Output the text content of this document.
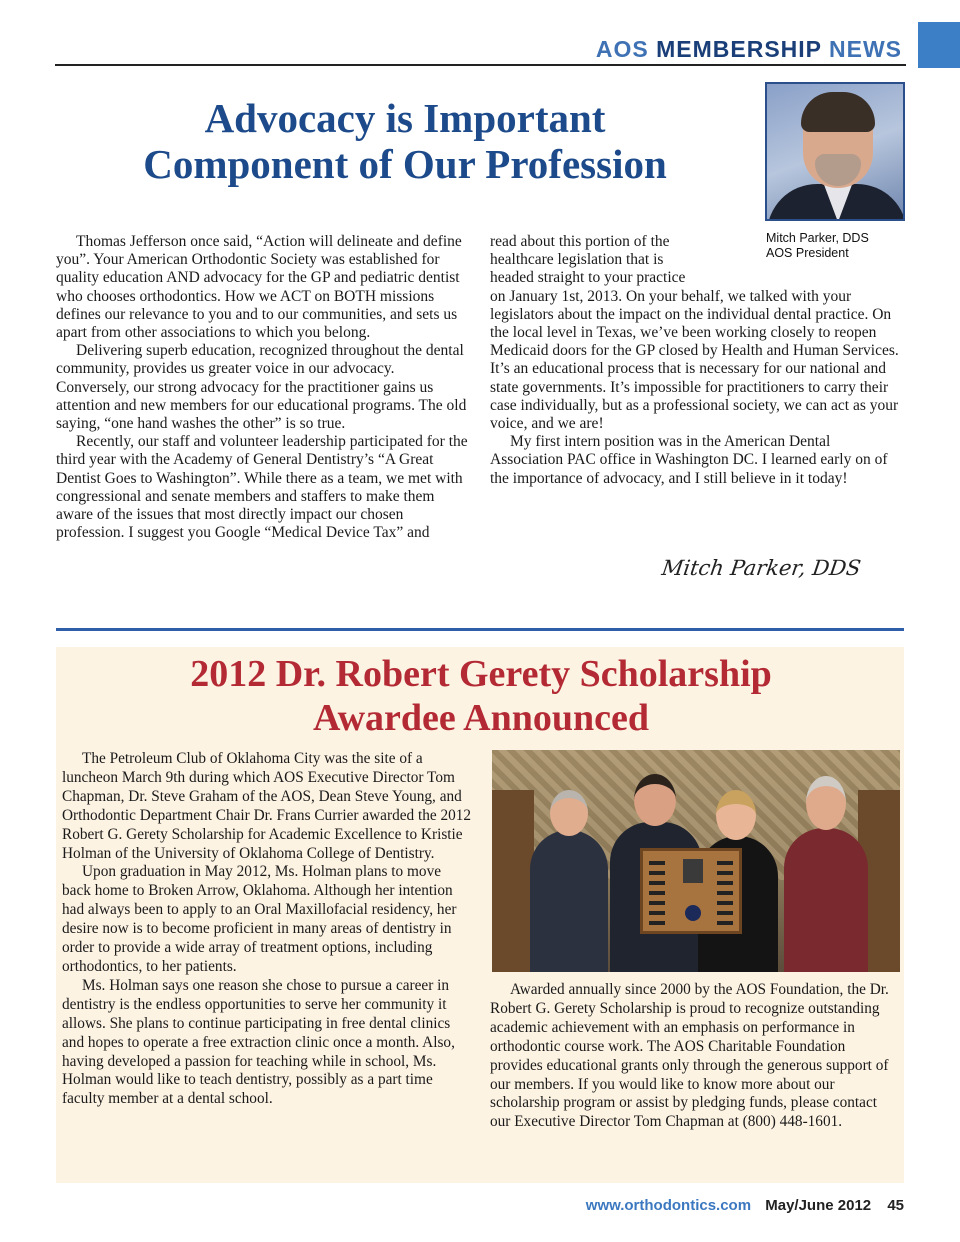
AOS MEMBERSHIP NEWS
Advocacy is Important
Component of Our Profession
Mitch Parker, DDS
AOS President

Thomas Jefferson once said, “Action will delineate and define you”. Your American Orthodontic Society was established for quality education AND advocacy for the GP and pediatric dentist who chooses orthodontics. How we ACT on BOTH missions defines our relevance to you and to our communities, and sets us apart from other associations to which you belong.

Delivering superb education, recognized throughout the dental community, provides us greater voice in our advocacy. Conversely, our strong advocacy for the practitioner gains us attention and new members for our educational programs. The old saying, “one hand washes the other” is so true.

Recently, our staff and volunteer leadership participated for the third year with the Academy of General Dentistry’s “A Great Dentist Goes to Washington”. While there as a team, we met with congressional and senate members and staffers to make them aware of the issues that most directly impact our chosen profession. I suggest you Google “Medical Device Tax” and

read about this portion of the
healthcare legislation that is
headed straight to your practice

on January 1st, 2013. On your behalf, we talked with your legislators about the impact on the individual dental practice. On the local level in Texas, we’ve been working closely to reopen Medicaid doors for the GP closed by Health and Human Services. It’s an educational process that is necessary for our national and state governments. It’s impossible for practitioners to carry their case individually, but as a professional society, we can act as your voice, and we are!

My first intern position was in the American Dental Association PAC office in Washington DC. I learned early on of the importance of advocacy, and I still believe in it today!

Mitch Parker, DDS
2012 Dr. Robert Gerety Scholarship
Awardee Announced

The Petroleum Club of Oklahoma City was the site of a luncheon March 9th during which AOS Executive Director Tom Chapman, Dr. Steve Graham of the AOS, Dean Steve Young, and Orthodontic Department Chair Dr. Frans Currier awarded the 2012 Robert G. Gerety Scholarship for Academic Excellence to Kristie Holman of the University of Oklahoma College of Dentistry.

Upon graduation in May 2012, Ms. Holman plans to move back home to Broken Arrow, Oklahoma. Although her intention had always been to apply to an Oral Maxillofacial residency, her desire now is to become proficient in many areas of dentistry in order to provide a wide array of treatment options, including orthodontics, to her patients.

Ms. Holman says one reason she chose to pursue a career in dentistry is the endless opportunities to serve her community it allows. She plans to continue participating in free dental clinics and hopes to operate a free extraction clinic once a month. Also, having developed a passion for teaching while in school, Ms. Holman would like to teach dentistry, possibly as a part time faculty member at a dental school.

Awarded annually since 2000 by the AOS Foundation, the Dr. Robert G. Gerety Scholarship is proud to recognize outstanding academic achievement with an emphasis on performance in orthodontic course work. The AOS Charitable Foundation provides educational grants only through the generous support of our members. If you would like to know more about our scholarship program or assist by pledging funds, please contact our Executive Director Tom Chapman at (800) 448-1601.

www.orthodontics.com May/June 2012 45
